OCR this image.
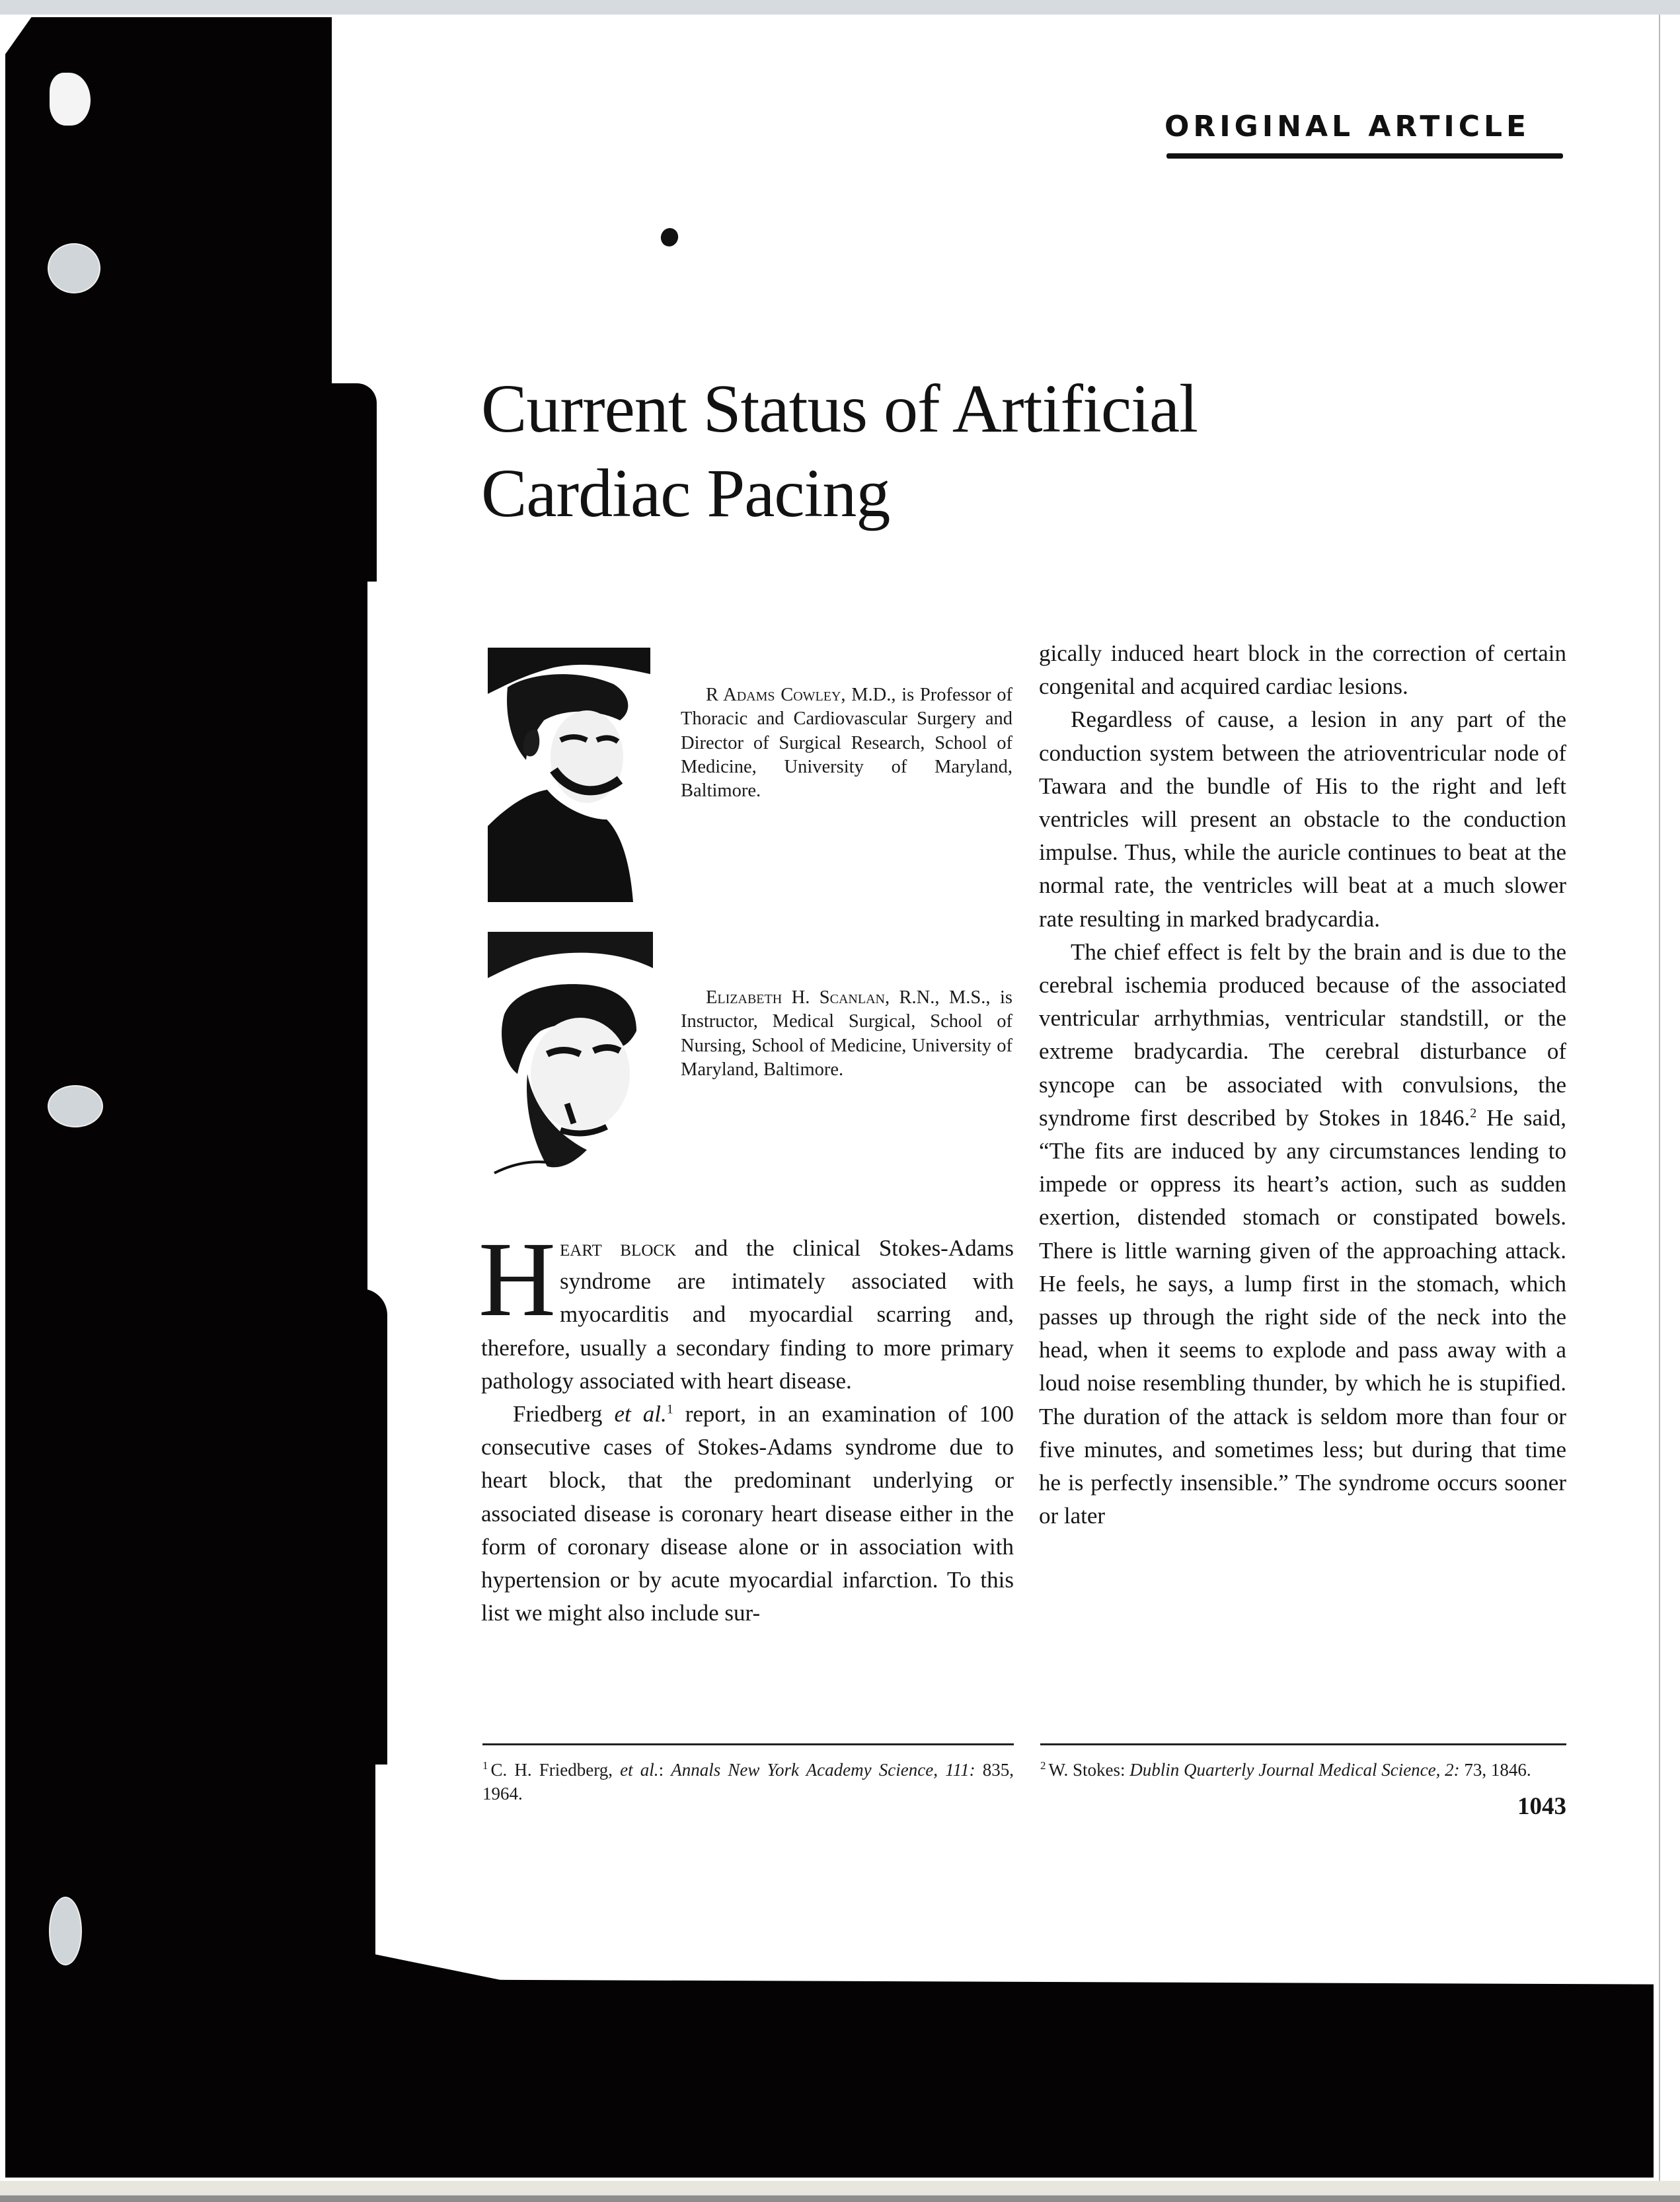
ORIGINAL ARTICLE
Current Status of Artificial
Cardiac Pacing

R Adams Cowley, M.D., is Professor of Thoracic and Cardiovascular Surgery and Director of Surgical Research, School of Medicine, University of Maryland, Baltimore.

Elizabeth H. Scanlan, R.N., M.S., is Instructor, Medical Surgical, School of Nursing, School of Medicine, University of Maryland, Baltimore.

Heart block and the clinical Stokes-Adams syndrome are intimately associated with myocarditis and myocardial scarring and, therefore, usually a secondary finding to more primary pathology associated with heart disease.

Friedberg et al.$^1$ report, in an examination of 100 consecutive cases of Stokes-Adams syndrome due to heart block, that the predominant underlying or associated disease is coronary heart disease either in the form of coronary disease alone or in association with hypertension or by acute myocardial infarction. To this list we might also include sur-

gically induced heart block in the correction of certain congenital and acquired cardiac lesions.

Regardless of cause, a lesion in any part of the conduction system between the atrioventricular node of Tawara and the bundle of His to the right and left ventricles will present an obstacle to the conduction impulse. Thus, while the auricle continues to beat at the normal rate, the ventricles will beat at a much slower rate resulting in marked bradycardia.

The chief effect is felt by the brain and is due to the cerebral ischemia produced because of the associated ventricular arrhythmias, ventricular standstill, or the extreme bradycardia. The cerebral disturbance of syncope can be associated with convulsions, the syndrome first described by Stokes in 1846.$^2$ He said, “The fits are induced by any circumstances lending to impede or oppress its heart’s action, such as sudden exertion, distended stomach or constipated bowels. There is little warning given of the approaching attack. He feels, he says, a lump first in the stomach, which passes up through the right side of the neck into the head, when it seems to explode and pass away with a loud noise resembling thunder, by which he is stupified. The duration of the attack is seldom more than four or five minutes, and sometimes less; but during that time he is perfectly insensible.” The syndrome occurs sooner or later

$^1$ C. H. Friedberg, et al.: Annals New York Academy Science, 111: 835, 1964.
$^2$ W. Stokes: Dublin Quarterly Journal Medical Science, 2: 73, 1846.
1043
